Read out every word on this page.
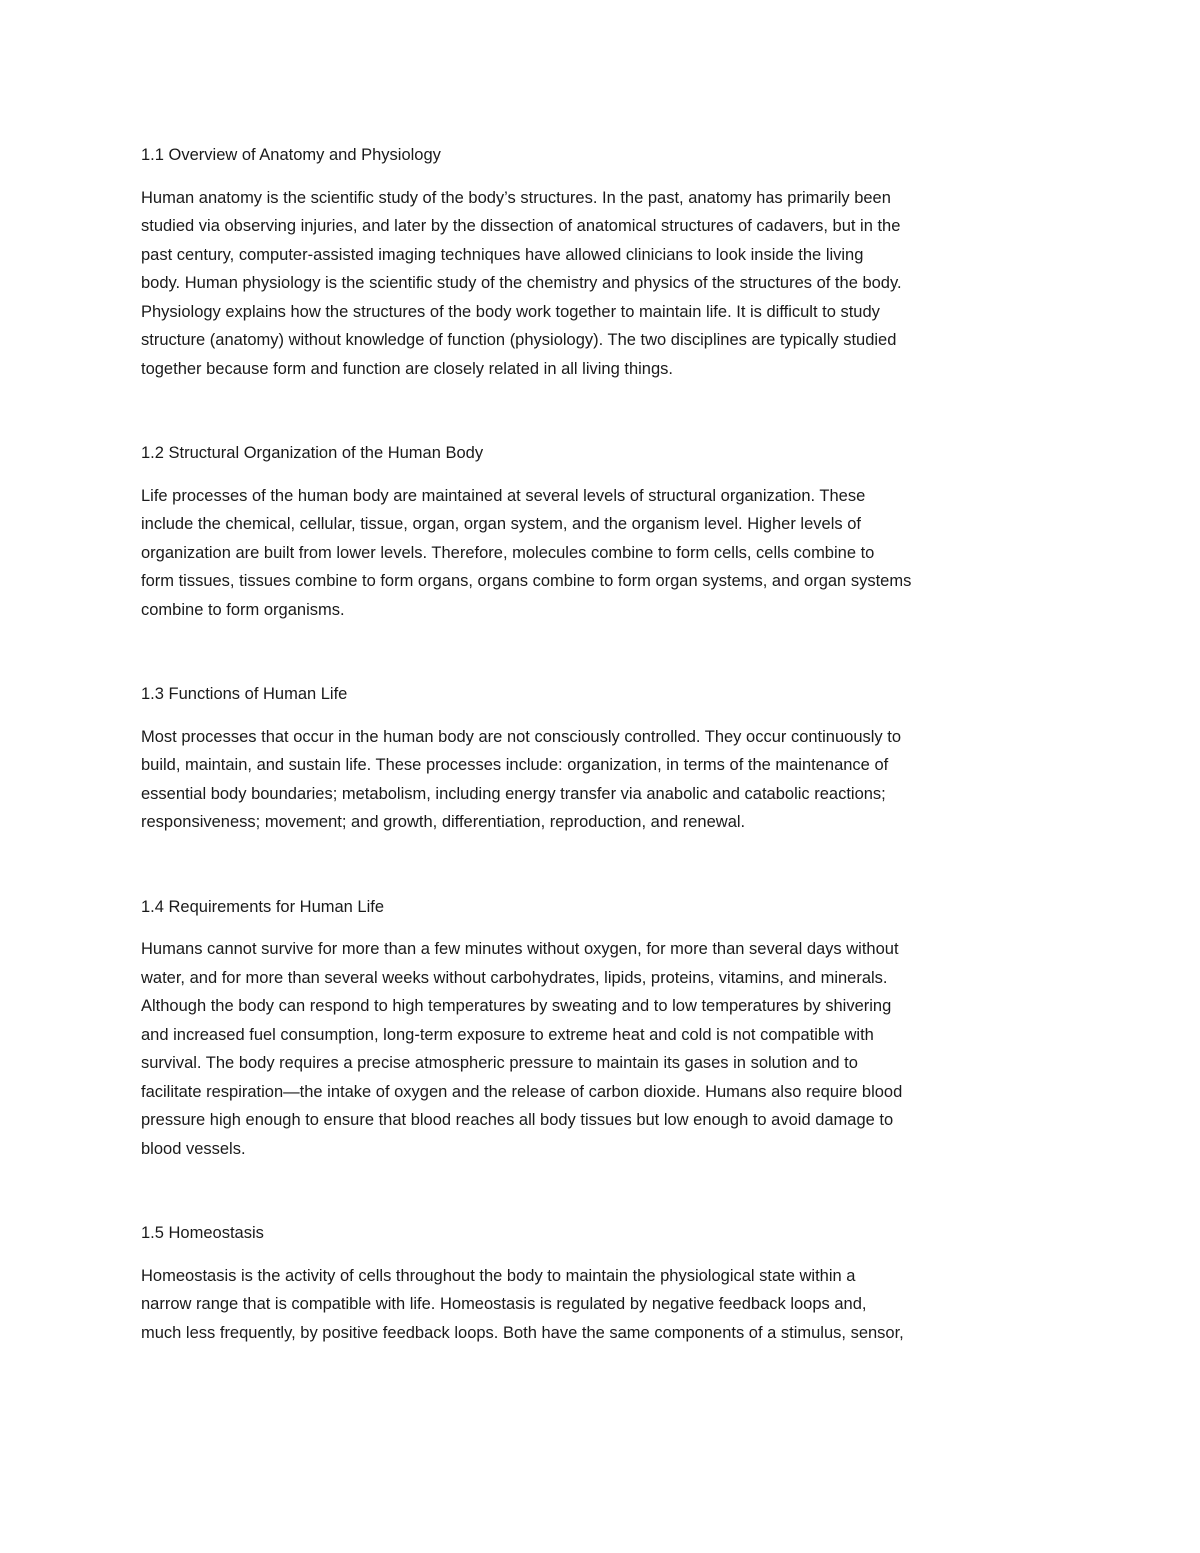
1.1 Overview of Anatomy and Physiology

Human anatomy is the scientific study of the body’s structures. In the past, anatomy has primarily been
studied via observing injuries, and later by the dissection of anatomical structures of cadavers, but in the
past century, computer-assisted imaging techniques have allowed clinicians to look inside the living
body. Human physiology is the scientific study of the chemistry and physics of the structures of the body.
Physiology explains how the structures of the body work together to maintain life. It is difficult to study
structure (anatomy) without knowledge of function (physiology). The two disciplines are typically studied
together because form and function are closely related in all living things.

1.2 Structural Organization of the Human Body

Life processes of the human body are maintained at several levels of structural organization. These
include the chemical, cellular, tissue, organ, organ system, and the organism level. Higher levels of
organization are built from lower levels. Therefore, molecules combine to form cells, cells combine to
form tissues, tissues combine to form organs, organs combine to form organ systems, and organ systems
combine to form organisms.

1.3 Functions of Human Life

Most processes that occur in the human body are not consciously controlled. They occur continuously to
build, maintain, and sustain life. These processes include: organization, in terms of the maintenance of
essential body boundaries; metabolism, including energy transfer via anabolic and catabolic reactions;
responsiveness; movement; and growth, differentiation, reproduction, and renewal.

1.4 Requirements for Human Life

Humans cannot survive for more than a few minutes without oxygen, for more than several days without
water, and for more than several weeks without carbohydrates, lipids, proteins, vitamins, and minerals.
Although the body can respond to high temperatures by sweating and to low temperatures by shivering
and increased fuel consumption, long-term exposure to extreme heat and cold is not compatible with
survival. The body requires a precise atmospheric pressure to maintain its gases in solution and to
facilitate respiration—the intake of oxygen and the release of carbon dioxide. Humans also require blood
pressure high enough to ensure that blood reaches all body tissues but low enough to avoid damage to
blood vessels.

1.5 Homeostasis

Homeostasis is the activity of cells throughout the body to maintain the physiological state within a
narrow range that is compatible with life. Homeostasis is regulated by negative feedback loops and,
much less frequently, by positive feedback loops. Both have the same components of a stimulus, sensor,
